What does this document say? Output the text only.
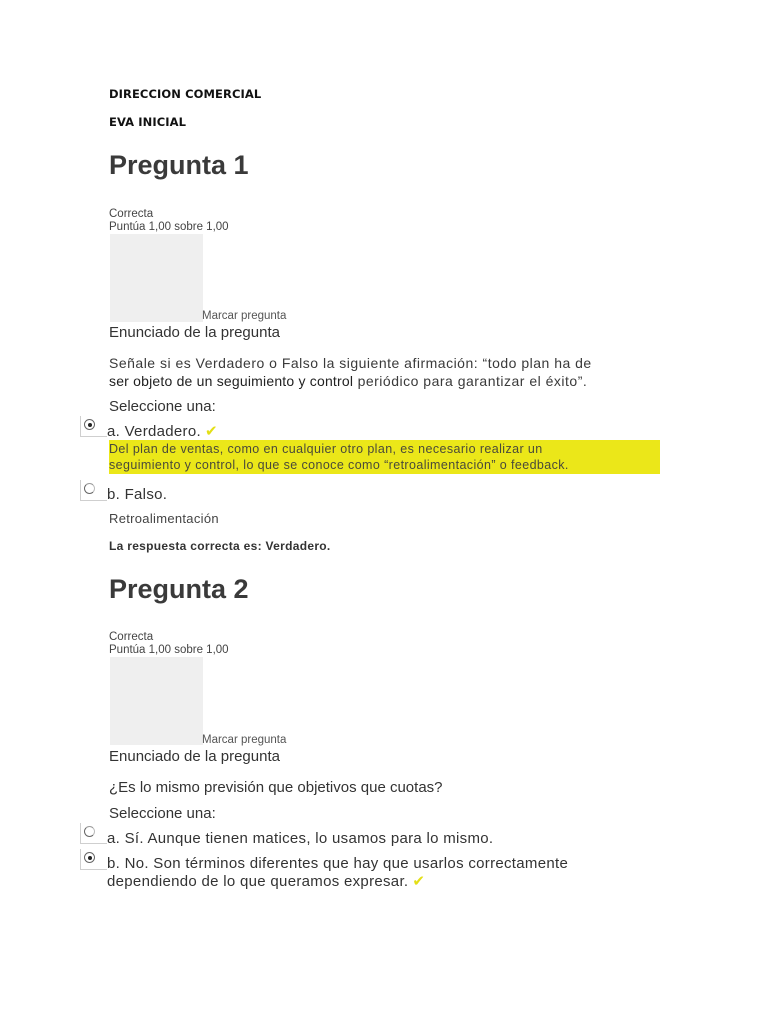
DIRECCION COMERCIAL
EVA INICIAL
Pregunta 1
Correcta
Puntúa 1,00 sobre 1,00
Marcar pregunta
Enunciado de la pregunta
Señale si es Verdadero o Falso la siguiente afirmación: “todo plan ha de
ser objeto de un seguimiento y control periódico para garantizar el éxito”.
Seleccione una:
a. Verdadero. ✔
Del plan de ventas, como en cualquier otro plan, es necesario realizar un
seguimiento y control, lo que se conoce como “retroalimentación” o feedback.
b. Falso.
Retroalimentación
La respuesta correcta es: Verdadero.
Pregunta 2
Correcta
Puntúa 1,00 sobre 1,00
Marcar pregunta
Enunciado de la pregunta
¿Es lo mismo previsión que objetivos que cuotas?
Seleccione una:
a. Sí. Aunque tienen matices, lo usamos para lo mismo.
b. No. Son términos diferentes que hay que usarlos correctamente
dependiendo de lo que queramos expresar. ✔
